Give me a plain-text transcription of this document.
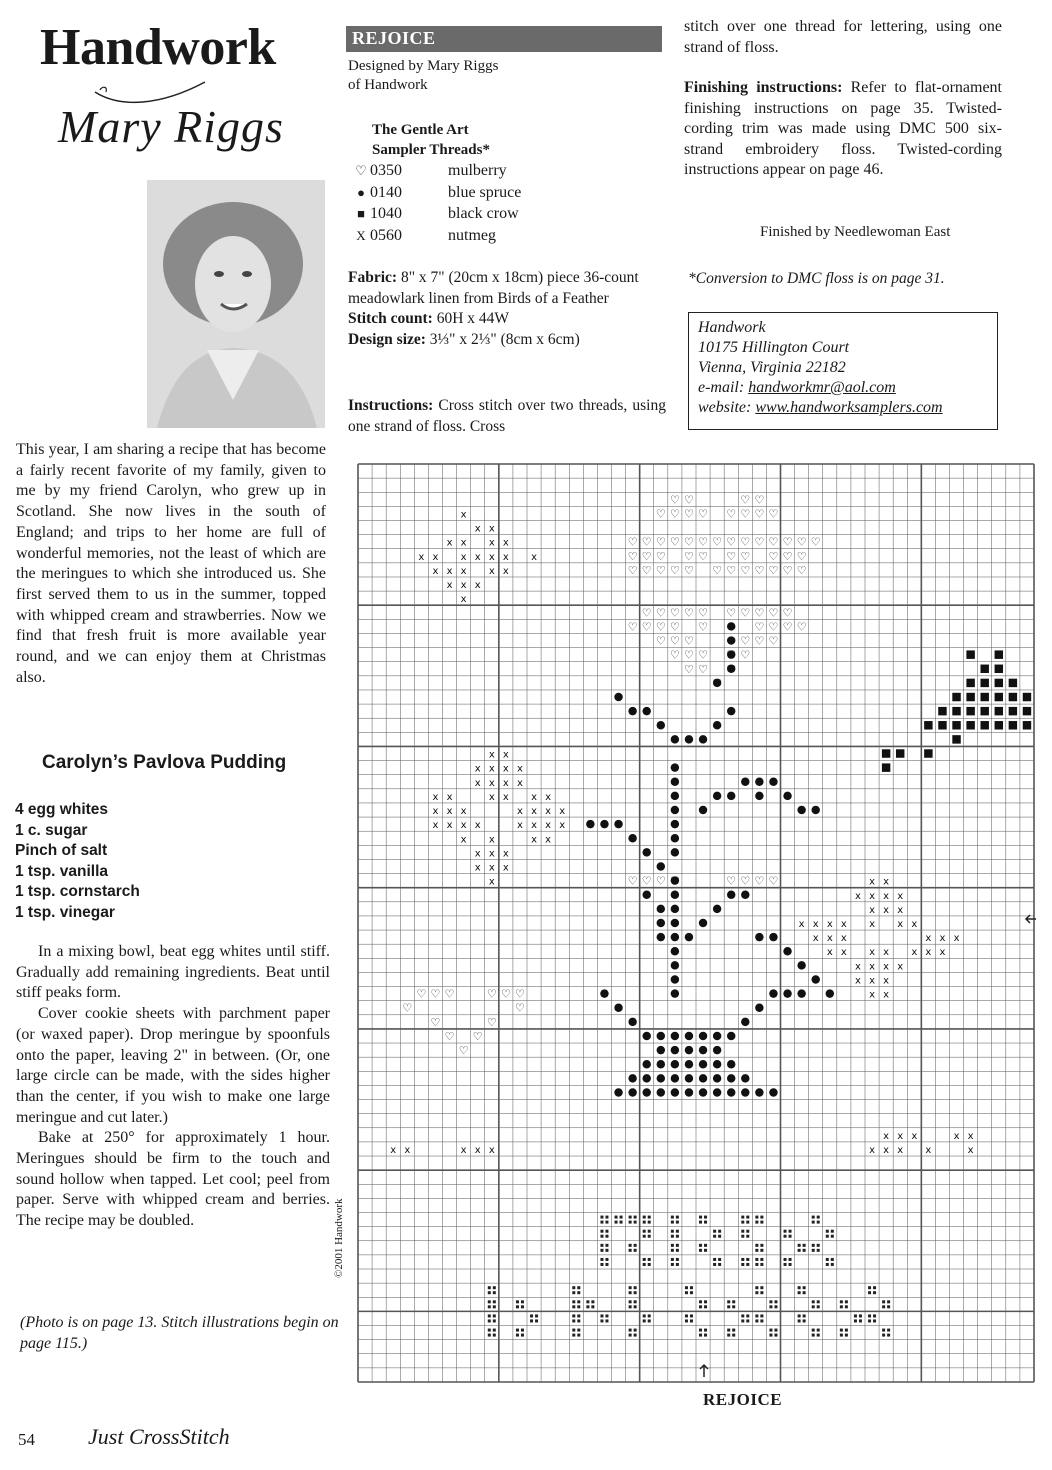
Handwork
Mary Riggs
This year, I am sharing a recipe that has become a fairly recent favorite of my family, given to me by my friend Carolyn, who grew up in Scotland. She now lives in the south of England; and trips to her home are full of wonderful memories, not the least of which are the meringues to which she introduced us. She first served them to us in the summer, topped with whipped cream and strawberries. Now we find that fresh fruit is more available year round, and we can enjoy them at Christmas also.
Carolyn’s Pavlova Pudding
4 egg whites
1 c. sugar
Pinch of salt
1 tsp. vanilla
1 tsp. cornstarch
1 tsp. vinegar

In a mixing bowl, beat egg whites until stiff. Gradually add remaining ingredients. Beat until stiff peaks form.

Cover cookie sheets with parchment paper (or waxed paper). Drop meringue by spoonfuls onto the paper, leaving 2" in between. (Or, one large circle can be made, with the sides higher than the center, if you wish to make one large meringue and cut later.)

Bake at 250° for approximately 1 hour. Meringues should be firm to the touch and sound hollow when tapped. Let cool; peel from paper. Serve with whipped cream and berries. The recipe may be doubled.

(Photo is on page 13. Stitch illustrations begin on page 115.)
©2001 Handwork
54 Just CrossStitch
REJOICE
Designed by Mary Riggs
of Handwork
The Gentle Art
Sampler Threads*
♡ 0350	mulberry
● 0140	blue spruce
■ 1040	black crow
X 0560	nutmeg

Fabric: 8" x 7" (20cm x 18cm) piece 36-count meadowlark linen from Birds of a Feather

Stitch count: 60H x 44W

Design size: 3⅓" x 2⅓" (8cm x 6cm)

Instructions: Cross stitch over two threads, using one strand of floss. Cross
stitch over one thread for lettering, using one strand of floss.
Finishing instructions: Refer to flat-ornament finishing instructions on page 35. Twisted-cording trim was made using DMC 500 six-strand embroidery floss. Twisted-cording instructions appear on page 46.
Finished by Needlewoman East
*Conversion to DMC floss is on page 31.
Handwork
10175 Hillington Court
Vienna, Virginia 22182
e-mail: handworkmr@aol.com
website: www.handworksamplers.com
♡ ♡	♡ ♡
♡ ♡ ♡ ♡ ♡ ♡ ♡ ♡
♡ ♡ ♡ ♡ ♡ ♡ ♡ ♡ ♡ ♡ ♡ ♡ ♡ ♡
♡ ♡ ♡ ♡ ♡ ♡ ♡ ♡ ♡ ♡
♡ ♡ ♡ ♡ ♡ ♡ ♡ ♡ ♡ ♡ ♡ ♡
♡ ♡ ♡ ♡ ♡ ♡ ♡ ♡ ♡ ♡
♡ ♡ ♡ ♡ ♡	♡ ♡ ♡ ♡
♡ ♡ ♡	♡ ♡ ♡
♡ ♡ ♡	♡
♡ ♡
♡ ♡ ♡	♡ ♡ ♡
♡	♡
♡	♡
♡ ♡
♡
♡ ♡ ♡	♡ ♡ ♡ ♡
x
x x
x x x x
x x x x x x x
x x x x x
x x x
x
x x
x x x x
x x x x
x x	x x x x
x x x	x x x x
x x x x	x x x x
x x	x x
x x x
x x x
x	x x
x x x x
x x x
x x x x x x x
x x x	x x x
x x x x x x x
x x x x
x x x
x x
x x	x x x
x x x	x x
x x x x	x
REJOICE
